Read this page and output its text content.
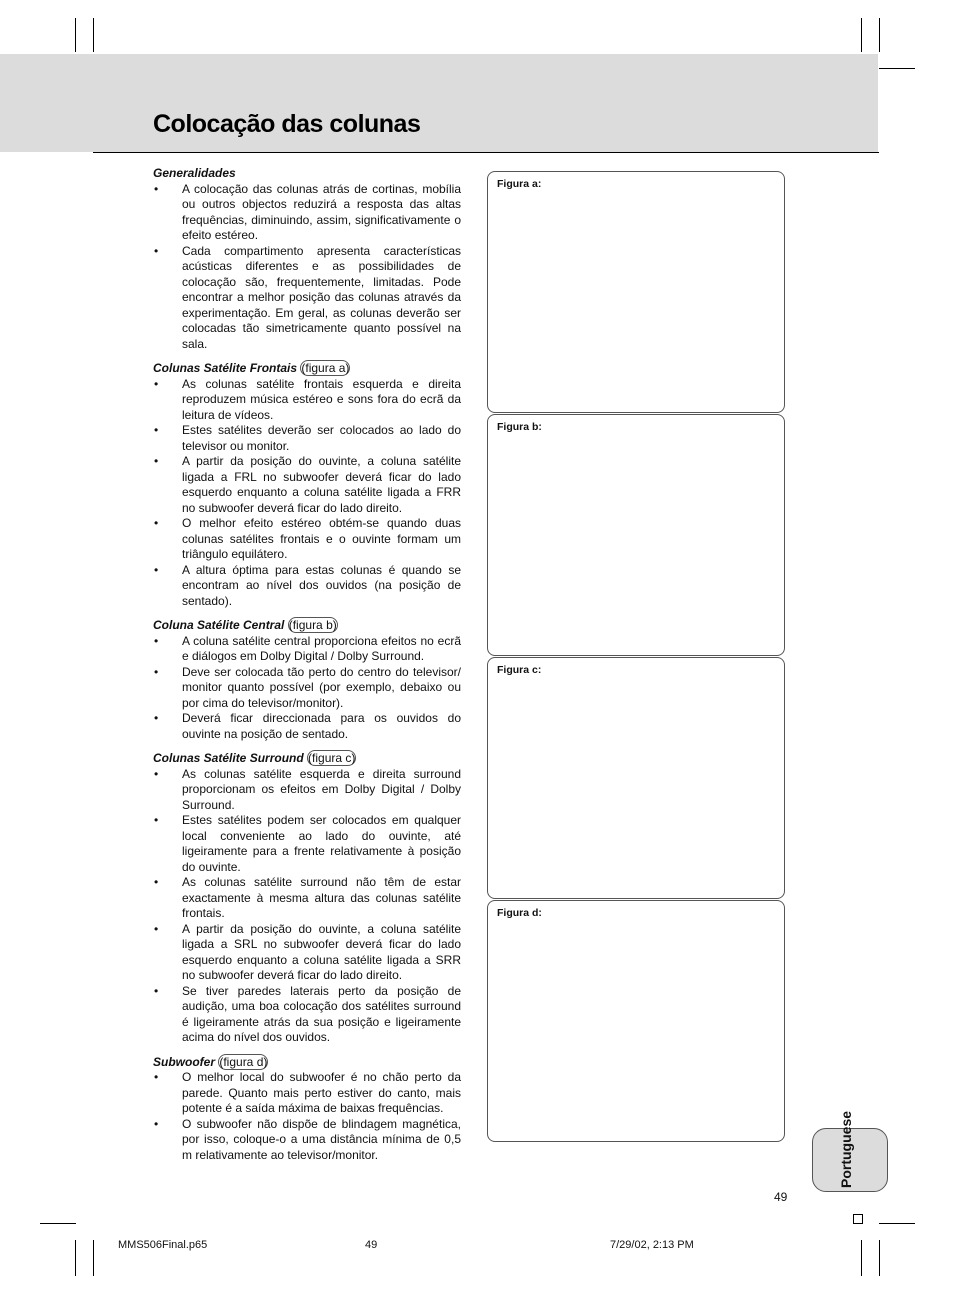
Colocação das colunas

Generalidades

• A colocação das colunas atrás de cortinas, mobília ou outros objectos reduzirá a resposta das altas frequências, diminuindo, assim, significativamente o efeito estéreo.
• Cada compartimento apresenta características acústicas diferentes e as possibilidades de colocação são, frequentemente, limitadas. Pode encontrar a melhor posição das colunas através da experimentação. Em geral, as colunas deverão ser colocadas tão simetricamente quanto possível na sala.

Colunas Satélite Frontais (figura a)

• As colunas satélite frontais esquerda e direita reproduzem música estéreo e sons fora do ecrã da leitura de vídeos.
• Estes satélites deverão ser colocados ao lado do televisor ou monitor.
• A partir da posição do ouvinte, a coluna satélite ligada a FRL no subwoofer deverá ficar do lado esquerdo enquanto a coluna satélite ligada a FRR no subwoofer deverá ficar do lado direito.
• O melhor efeito estéreo obtém-se quando duas colunas satélites frontais e o ouvinte formam um triângulo equilátero.
• A altura óptima para estas colunas é quando se encontram ao nível dos ouvidos (na posição de sentado).

Coluna Satélite Central (figura b)

• A coluna satélite central proporciona efeitos no ecrã e diálogos em Dolby Digital / Dolby Surround.
• Deve ser colocada tão perto do centro do televisor/ monitor quanto possível (por exemplo, debaixo ou por cima do televisor/monitor).
• Deverá ficar direccionada para os ouvidos do ouvinte na posição de sentado.

Colunas Satélite Surround (figura c)

• As colunas satélite esquerda e direita surround proporcionam os efeitos em Dolby Digital / Dolby Surround.
• Estes satélites podem ser colocados em qualquer local conveniente ao lado do ouvinte, até ligeiramente para a frente relativamente à posição do ouvinte.
• As colunas satélite surround não têm de estar exactamente à mesma altura das colunas satélite frontais.
• A partir da posição do ouvinte, a coluna satélite ligada a SRL no subwoofer deverá ficar do lado esquerdo enquanto a coluna satélite ligada a SRR no subwoofer deverá ficar do lado direito.
• Se tiver paredes laterais perto da posição de audição, uma boa colocação dos satélites surround é ligeiramente atrás da sua posição e ligeiramente acima do nível dos ouvidos.

Subwoofer (figura d)

• O melhor local do subwoofer é no chão perto da parede. Quanto mais perto estiver do canto, mais potente é a saída máxima de baixas frequências.
• O subwoofer não dispõe de blindagem magnética, por isso, coloque-o a uma distância mínima de 0,5 m relativamente ao televisor/monitor.
Figura a:
Figura b:
Figura c:
Figura d:
Portuguese
49
MMS506Final.p65	49	7/29/02, 2:13 PM
